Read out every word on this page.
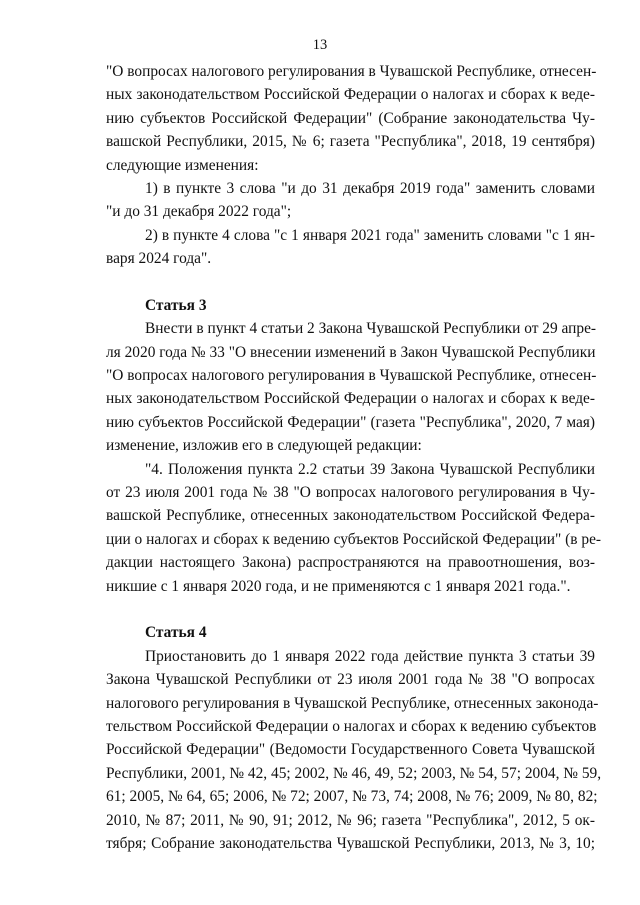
13
"О вопросах налогового регулирования в Чувашской Республике, отнесен-
ных законодательством Российской Федерации о налогах и сборах к веде-
нию субъектов Российской Федерации" (Собрание законодательства Чу-
вашской Республики, 2015, № 6; газета "Республика", 2018, 19 сентября)
следующие изменения:
1) в пункте 3 слова "и до 31 декабря 2019 года" заменить словами
"и до 31 декабря 2022 года";
2) в пункте 4 слова "с 1 января 2021 года" заменить словами "с 1 ян-
варя 2024 года".
Статья 3
Внести в пункт 4 статьи 2 Закона Чувашской Республики от 29 апре-
ля 2020 года № 33 "О внесении изменений в Закон Чувашской Республики
"О вопросах налогового регулирования в Чувашской Республике, отнесен-
ных законодательством Российской Федерации о налогах и сборах к веде-
нию субъектов Российской Федерации" (газета "Республика", 2020, 7 мая)
изменение, изложив его в следующей редакции:
"4. Положения пункта 2.2 статьи 39 Закона Чувашской Республики
от 23 июля 2001 года № 38 "О вопросах налогового регулирования в Чу-
вашской Республике, отнесенных законодательством Российской Федера-
ции о налогах и сборах к ведению субъектов Российской Федерации" (в ре-
дакции настоящего Закона) распространяются на правоотношения, воз-
никшие с 1 января 2020 года, и не применяются с 1 января 2021 года.".
Статья 4
Приостановить до 1 января 2022 года действие пункта 3 статьи 39
Закона Чувашской Республики от 23 июля 2001 года № 38 "О вопросах
налогового регулирования в Чувашской Республике, отнесенных законода-
тельством Российской Федерации о налогах и сборах к ведению субъектов
Российской Федерации" (Ведомости Государственного Совета Чувашской
Республики, 2001, № 42, 45; 2002, № 46, 49, 52; 2003, № 54, 57; 2004, № 59,
61; 2005, № 64, 65; 2006, № 72; 2007, № 73, 74; 2008, № 76; 2009, № 80, 82;
2010, № 87; 2011, № 90, 91; 2012, № 96; газета "Республика", 2012, 5 ок-
тября; Собрание законодательства Чувашской Республики, 2013, № 3, 10;
